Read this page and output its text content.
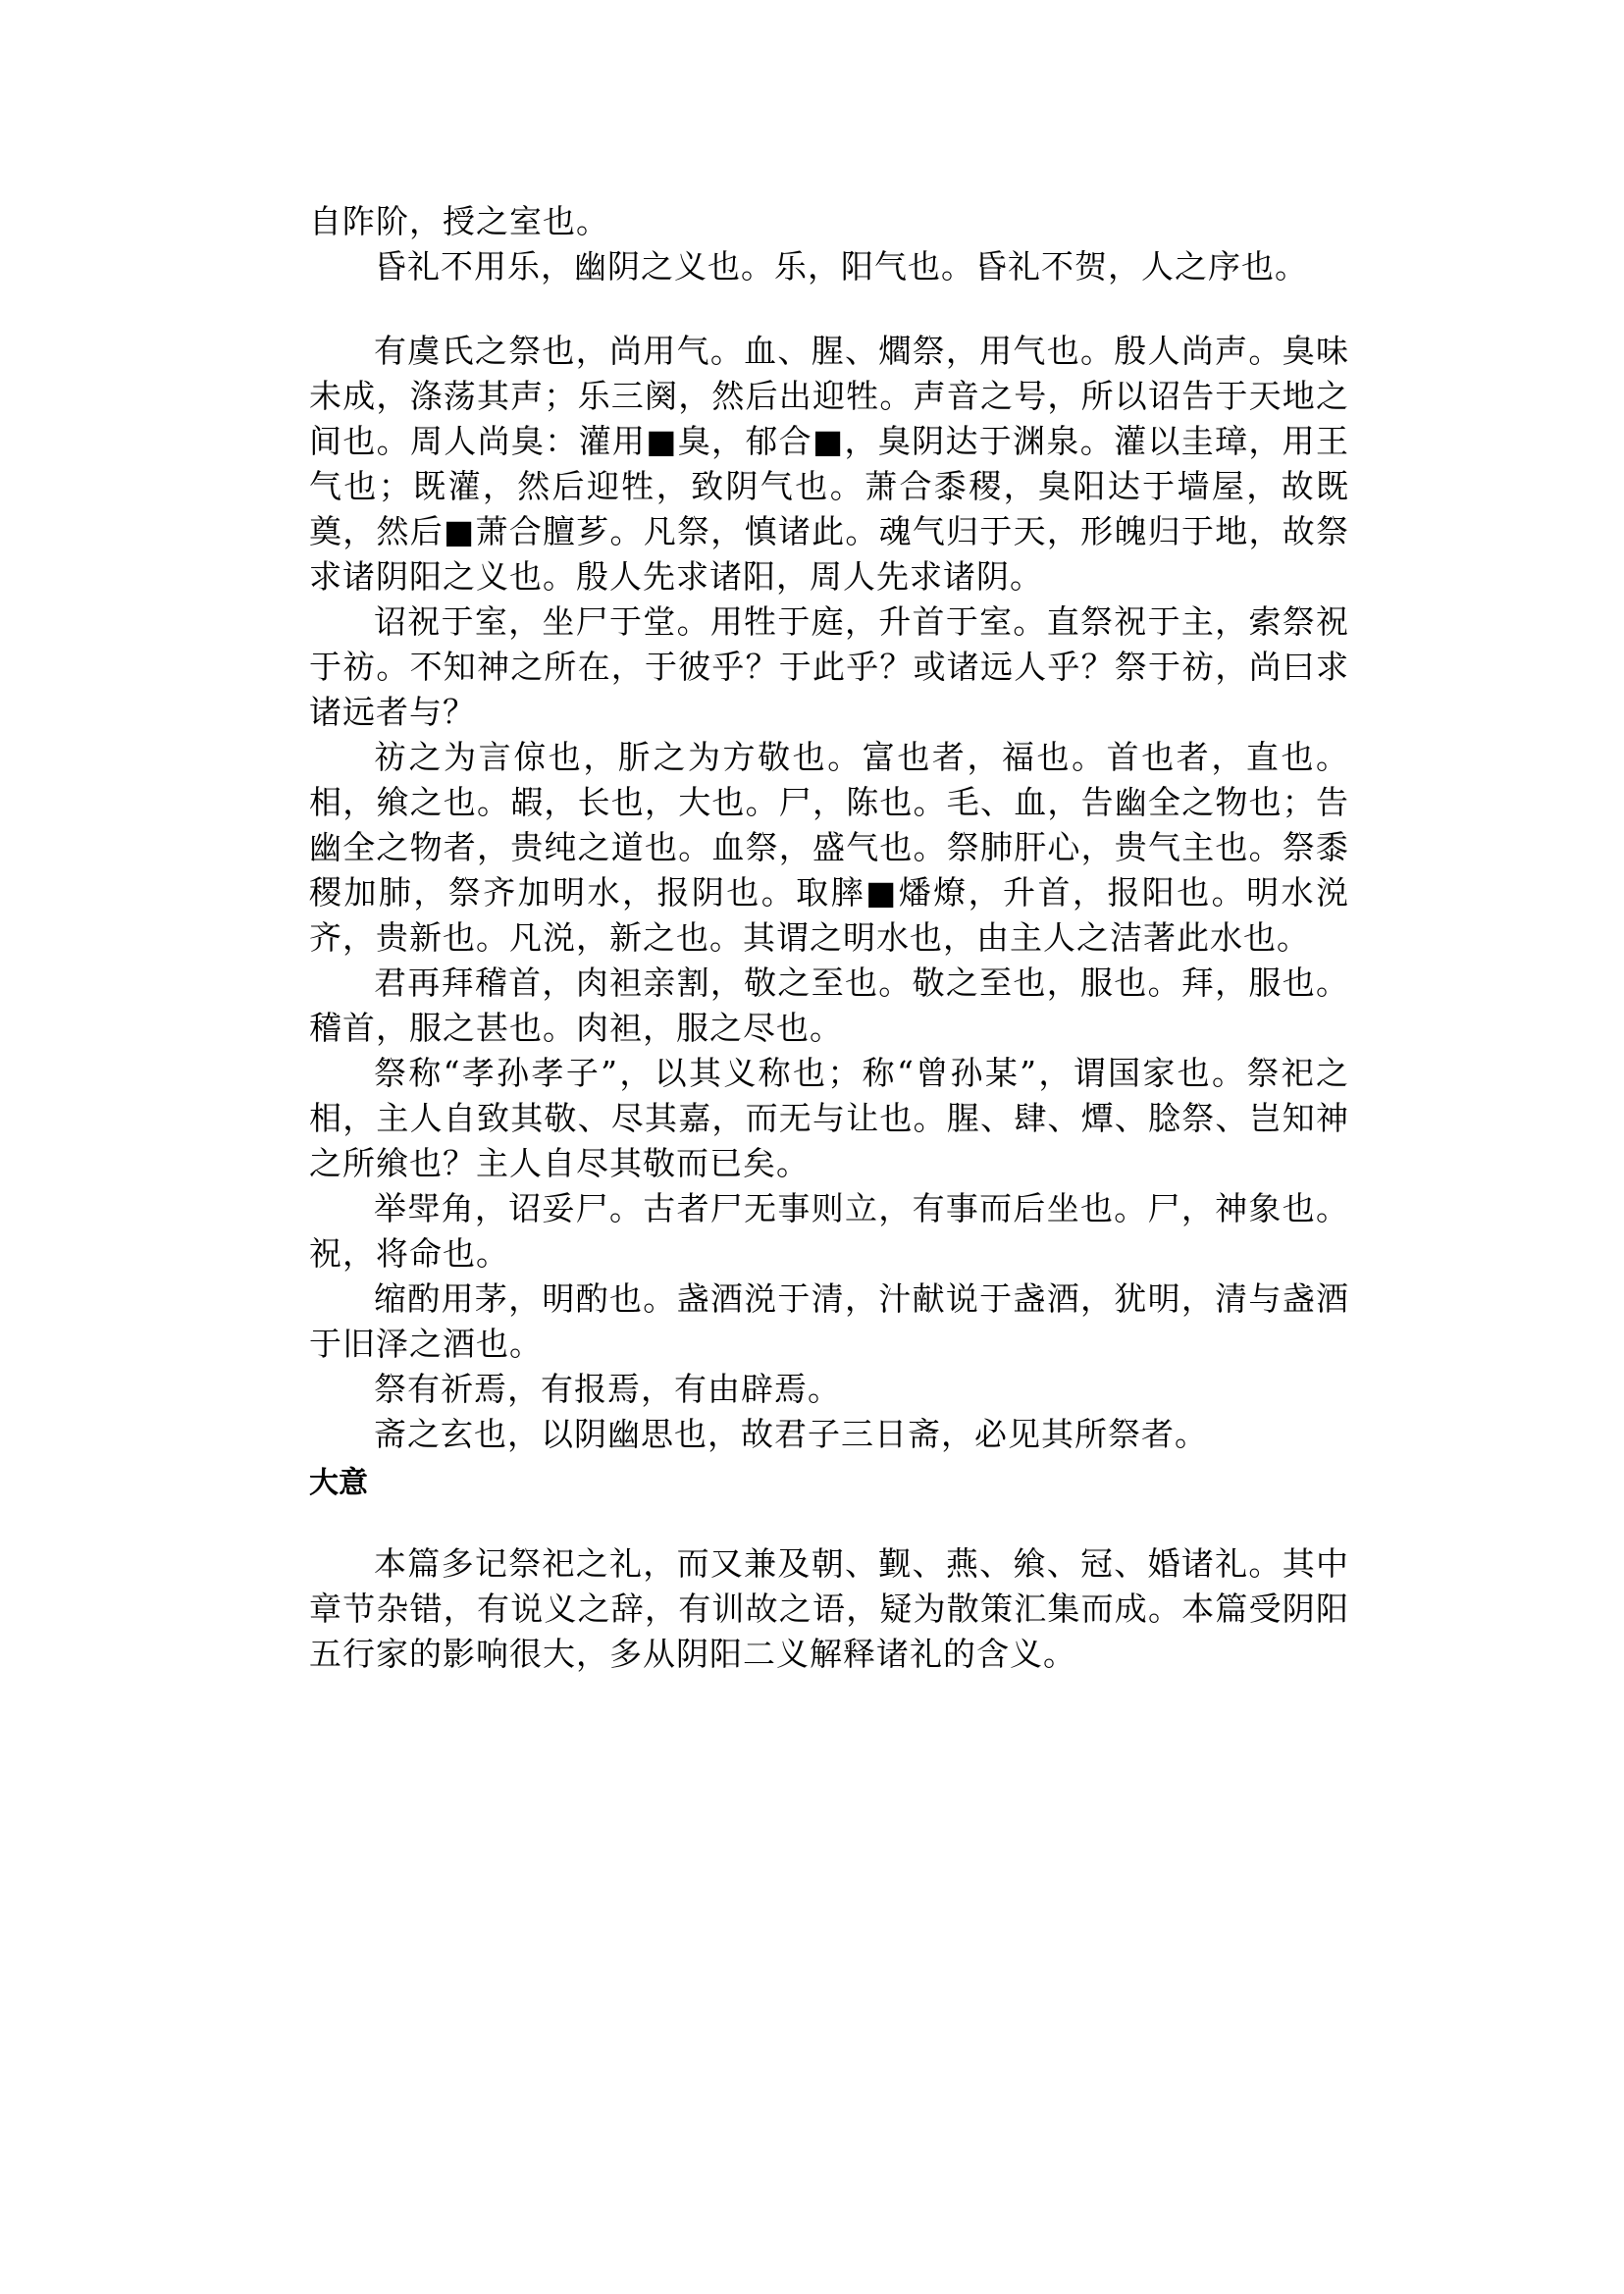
自阼阶，授之室也。

昏礼不用乐，幽阴之义也。乐，阳气也。昏礼不贺，人之序也。

有虞氏之祭也，尚用气。血、腥、爓祭，用气也。殷人尚声。臭味未成，涤荡其声；乐三阕，然后出迎牲。声音之号，所以诏告于天地之间也。周人尚臭：灌用■臭，郁合■，臭阴达于渊泉。灌以圭璋，用王气也；既灌，然后迎牲，致阴气也。萧合黍稷，臭阳达于墙屋，故既奠，然后■萧合膻芗。凡祭，慎诸此。魂气归于天，形魄归于地，故祭求诸阴阳之义也。殷人先求诸阳，周人先求诸阴。

诏祝于室，坐尸于堂。用牲于庭，升首于室。直祭祝于主，索祭祝于祊。不知神之所在，于彼乎？于此乎？或诸远人乎？祭于祊，尚曰求诸远者与？

祊之为言倞也，肵之为方敬也。富也者，福也。首也者，直也。相，飨之也。嘏，长也，大也。尸，陈也。毛、血，告幽全之物也；告幽全之物者，贵纯之道也。血祭，盛气也。祭肺肝心，贵气主也。祭黍稷加肺，祭齐加明水，报阴也。取膟■燔燎，升首，报阳也。明水涚齐，贵新也。凡涚，新之也。其谓之明水也，由主人之洁著此水也。

君再拜稽首，肉袒亲割，敬之至也。敬之至也，服也。拜，服也。稽首，服之甚也。肉袒，服之尽也。

祭称“孝孙孝子”，以其义称也；称“曾孙某”，谓国家也。祭祀之相，主人自致其敬、尽其嘉，而无与让也。腥、肆、燂、腍祭、岂知神之所飨也？主人自尽其敬而已矣。

举斝角，诏妥尸。古者尸无事则立，有事而后坐也。尸，神象也。祝，将命也。

缩酌用茅，明酌也。盏酒涚于清，汁献说于盏酒，犹明，清与盏酒于旧泽之酒也。

祭有祈焉，有报焉，有由辟焉。

斋之玄也，以阴幽思也，故君子三日斋，必见其所祭者。

大意

本篇多记祭祀之礼，而又兼及朝、觐、燕、飨、冠、婚诸礼。其中章节杂错，有说义之辞，有训故之语，疑为散策汇集而成。本篇受阴阳五行家的影响很大，多从阴阳二义解释诸礼的含义。
